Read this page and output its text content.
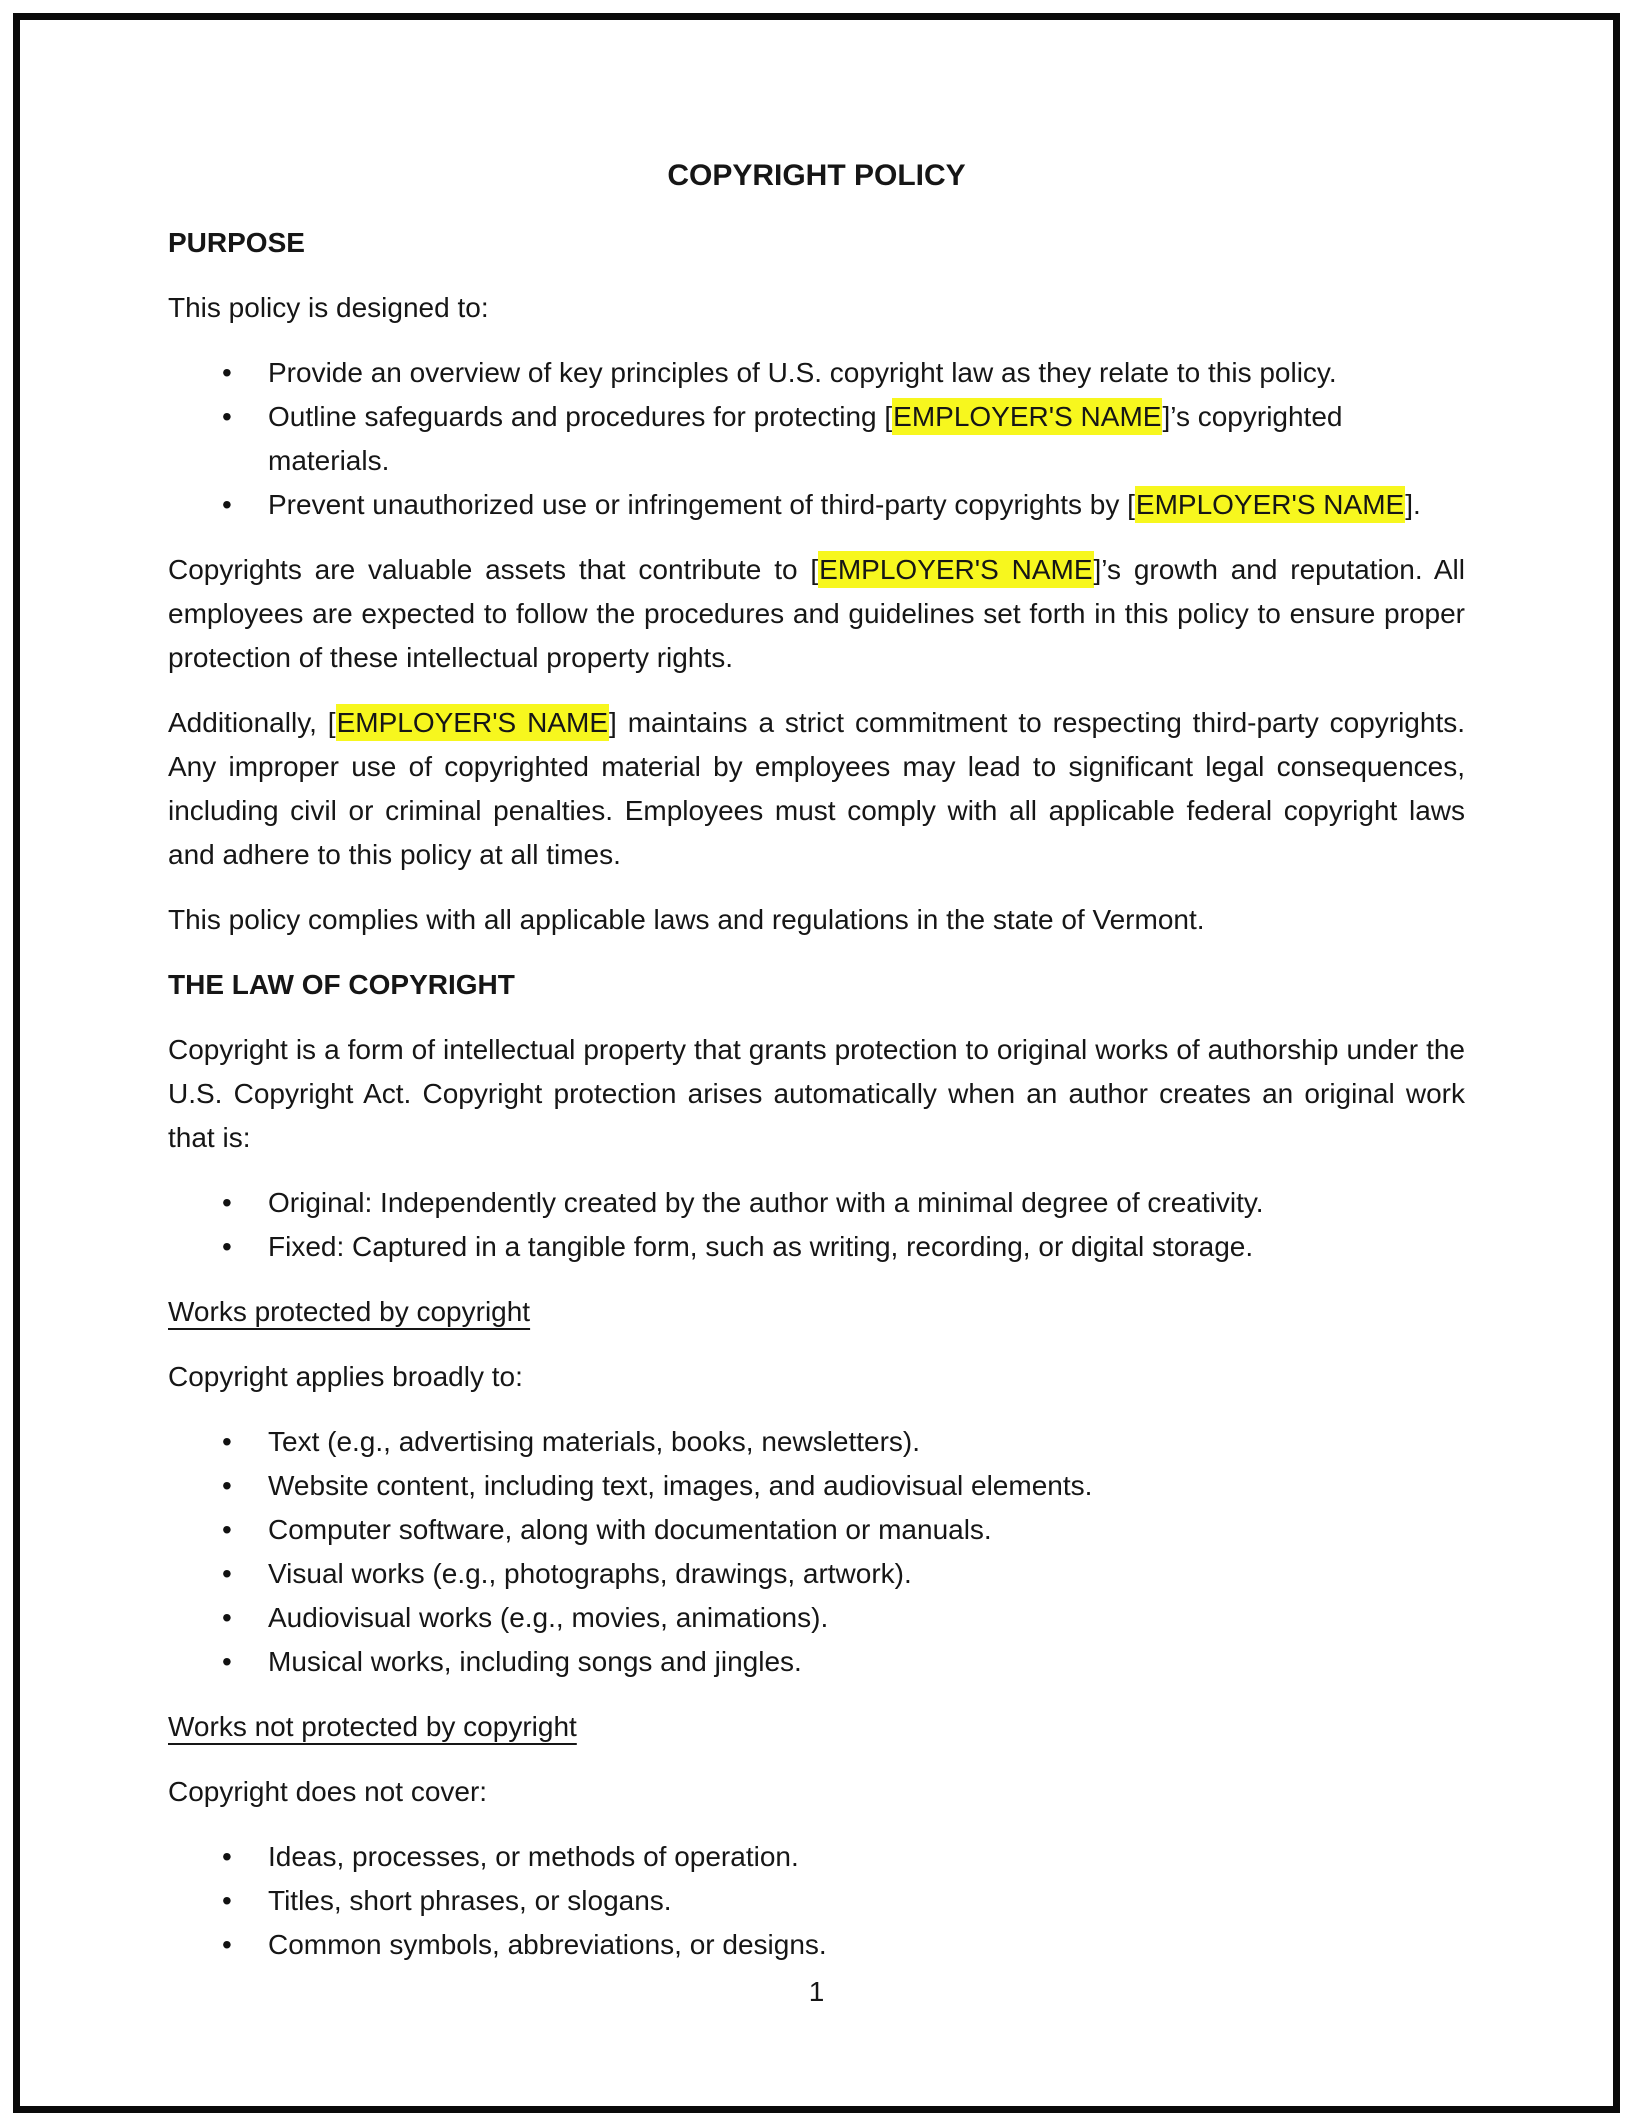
COPYRIGHT POLICY
PURPOSE

This policy is designed to:

• Provide an overview of key principles of U.S. copyright law as they relate to this policy.
• Outline safeguards and procedures for protecting [EMPLOYER'S NAME]’s copyrighted materials.
• Prevent unauthorized use or infringement of third-party copyrights by [EMPLOYER'S NAME].

Copyrights are valuable assets that contribute to [EMPLOYER'S NAME]’s growth and reputation. All employees are expected to follow the procedures and guidelines set forth in this policy to ensure proper protection of these intellectual property rights.

Additionally, [EMPLOYER'S NAME] maintains a strict commitment to respecting third-party copyrights. Any improper use of copyrighted material by employees may lead to significant legal consequences, including civil or criminal penalties. Employees must comply with all applicable federal copyright laws and adhere to this policy at all times.

This policy complies with all applicable laws and regulations in the state of Vermont.

THE LAW OF COPYRIGHT

Copyright is a form of intellectual property that grants protection to original works of authorship under the U.S. Copyright Act. Copyright protection arises automatically when an author creates an original work that is:

• Original: Independently created by the author with a minimal degree of creativity.
• Fixed: Captured in a tangible form, such as writing, recording, or digital storage.
Works protected by copyright

Copyright applies broadly to:

• Text (e.g., advertising materials, books, newsletters).
• Website content, including text, images, and audiovisual elements.
• Computer software, along with documentation or manuals.
• Visual works (e.g., photographs, drawings, artwork).
• Audiovisual works (e.g., movies, animations).
• Musical works, including songs and jingles.
Works not protected by copyright

Copyright does not cover:

• Ideas, processes, or methods of operation.
• Titles, short phrases, or slogans.
• Common symbols, abbreviations, or designs.
1
